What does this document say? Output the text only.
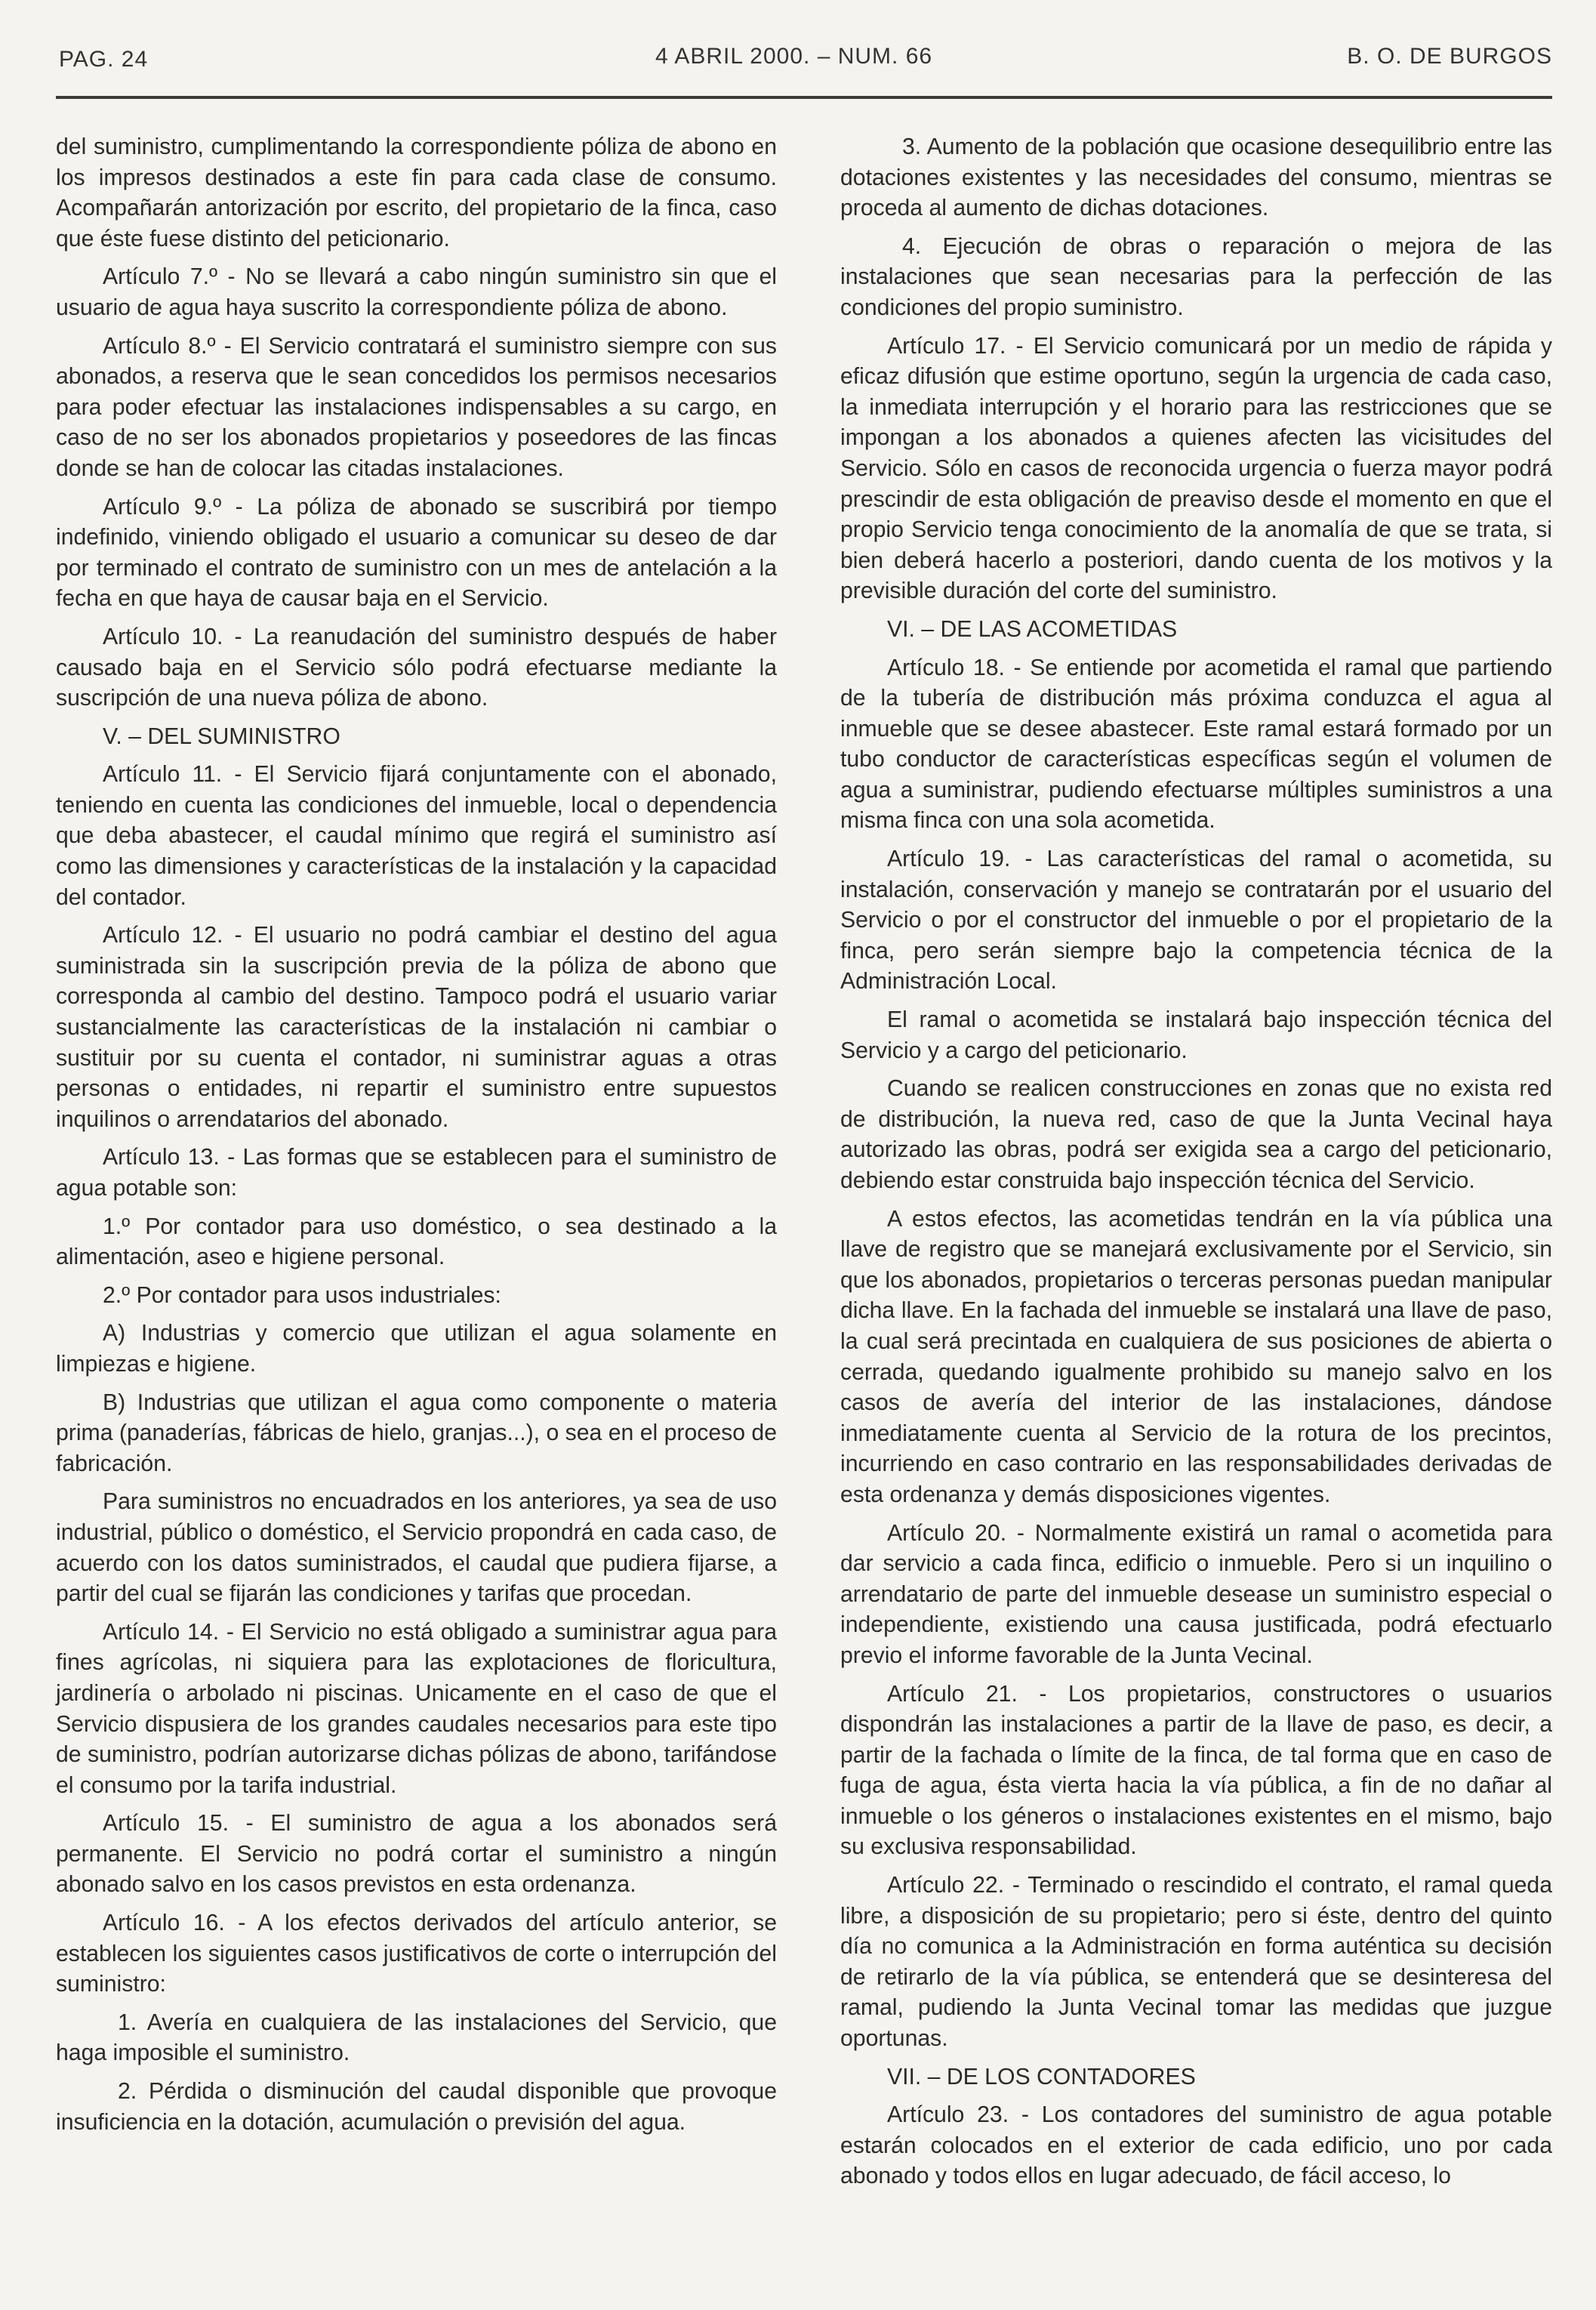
PAG. 24	4 ABRIL 2000. – NUM. 66	B. O. DE BURGOS

del suministro, cumplimentando la correspondiente póliza de abono en los impresos destinados a este fin para cada clase de consumo. Acompañarán antorización por escrito, del propietario de la finca, caso que éste fuese distinto del peticionario.

Artículo 7.º - No se llevará a cabo ningún suministro sin que el usuario de agua haya suscrito la correspondiente póliza de abono.

Artículo 8.º - El Servicio contratará el suministro siempre con sus abonados, a reserva que le sean concedidos los permisos necesarios para poder efectuar las instalaciones indispensables a su cargo, en caso de no ser los abonados propietarios y poseedores de las fincas donde se han de colocar las citadas instalaciones.

Artículo 9.º - La póliza de abonado se suscribirá por tiempo indefinido, viniendo obligado el usuario a comunicar su deseo de dar por terminado el contrato de suministro con un mes de antelación a la fecha en que haya de causar baja en el Servicio.

Artículo 10. - La reanudación del suministro después de haber causado baja en el Servicio sólo podrá efectuarse mediante la suscripción de una nueva póliza de abono.

V. – DEL SUMINISTRO

Artículo 11. - El Servicio fijará conjuntamente con el abonado, teniendo en cuenta las condiciones del inmueble, local o dependencia que deba abastecer, el caudal mínimo que regirá el suministro así como las dimensiones y características de la instalación y la capacidad del contador.

Artículo 12. - El usuario no podrá cambiar el destino del agua suministrada sin la suscripción previa de la póliza de abono que corresponda al cambio del destino. Tampoco podrá el usuario variar sustancialmente las características de la instalación ni cambiar o sustituir por su cuenta el contador, ni suministrar aguas a otras personas o entidades, ni repartir el suministro entre supuestos inquilinos o arrendatarios del abonado.

Artículo 13. - Las formas que se establecen para el suministro de agua potable son:

1.º Por contador para uso doméstico, o sea destinado a la alimentación, aseo e higiene personal.

2.º Por contador para usos industriales:

A) Industrias y comercio que utilizan el agua solamente en limpiezas e higiene.

B) Industrias que utilizan el agua como componente o materia prima (panaderías, fábricas de hielo, granjas...), o sea en el proceso de fabricación.

Para suministros no encuadrados en los anteriores, ya sea de uso industrial, público o doméstico, el Servicio propondrá en cada caso, de acuerdo con los datos suministrados, el caudal que pudiera fijarse, a partir del cual se fijarán las condiciones y tarifas que procedan.

Artículo 14. - El Servicio no está obligado a suministrar agua para fines agrícolas, ni siquiera para las explotaciones de floricultura, jardinería o arbolado ni piscinas. Unicamente en el caso de que el Servicio dispusiera de los grandes caudales necesarios para este tipo de suministro, podrían autorizarse dichas pólizas de abono, tarifándose el consumo por la tarifa industrial.

Artículo 15. - El suministro de agua a los abonados será permanente. El Servicio no podrá cortar el suministro a ningún abonado salvo en los casos previstos en esta ordenanza.

Artículo 16. - A los efectos derivados del artículo anterior, se establecen los siguientes casos justificativos de corte o interrupción del suministro:

1. Avería en cualquiera de las instalaciones del Servicio, que haga imposible el suministro.

2. Pérdida o disminución del caudal disponible que provoque insuficiencia en la dotación, acumulación o previsión del agua.

3. Aumento de la población que ocasione desequilibrio entre las dotaciones existentes y las necesidades del consumo, mientras se proceda al aumento de dichas dotaciones.

4. Ejecución de obras o reparación o mejora de las instalaciones que sean necesarias para la perfección de las condiciones del propio suministro.

Artículo 17. - El Servicio comunicará por un medio de rápida y eficaz difusión que estime oportuno, según la urgencia de cada caso, la inmediata interrupción y el horario para las restricciones que se impongan a los abonados a quienes afecten las vicisitudes del Servicio. Sólo en casos de reconocida urgencia o fuerza mayor podrá prescindir de esta obligación de preaviso desde el momento en que el propio Servicio tenga conocimiento de la anomalía de que se trata, si bien deberá hacerlo a posteriori, dando cuenta de los motivos y la previsible duración del corte del suministro.

VI. – DE LAS ACOMETIDAS

Artículo 18. - Se entiende por acometida el ramal que partiendo de la tubería de distribución más próxima conduzca el agua al inmueble que se desee abastecer. Este ramal estará formado por un tubo conductor de características específicas según el volumen de agua a suministrar, pudiendo efectuarse múltiples suministros a una misma finca con una sola acometida.

Artículo 19. - Las características del ramal o acometida, su instalación, conservación y manejo se contratarán por el usuario del Servicio o por el constructor del inmueble o por el propietario de la finca, pero serán siempre bajo la competencia técnica de la Administración Local.

El ramal o acometida se instalará bajo inspección técnica del Servicio y a cargo del peticionario.

Cuando se realicen construcciones en zonas que no exista red de distribución, la nueva red, caso de que la Junta Vecinal haya autorizado las obras, podrá ser exigida sea a cargo del peticionario, debiendo estar construida bajo inspección técnica del Servicio.

A estos efectos, las acometidas tendrán en la vía pública una llave de registro que se manejará exclusivamente por el Servicio, sin que los abonados, propietarios o terceras personas puedan manipular dicha llave. En la fachada del inmueble se instalará una llave de paso, la cual será precintada en cualquiera de sus posiciones de abierta o cerrada, quedando igualmente prohibido su manejo salvo en los casos de avería del interior de las instalaciones, dándose inmediatamente cuenta al Servicio de la rotura de los precintos, incurriendo en caso contrario en las responsabilidades derivadas de esta ordenanza y demás disposiciones vigentes.

Artículo 20. - Normalmente existirá un ramal o acometida para dar servicio a cada finca, edificio o inmueble. Pero si un inquilino o arrendatario de parte del inmueble desease un suministro especial o independiente, existiendo una causa justificada, podrá efectuarlo previo el informe favorable de la Junta Vecinal.

Artículo 21. - Los propietarios, constructores o usuarios dispondrán las instalaciones a partir de la llave de paso, es decir, a partir de la fachada o límite de la finca, de tal forma que en caso de fuga de agua, ésta vierta hacia la vía pública, a fin de no dañar al inmueble o los géneros o instalaciones existentes en el mismo, bajo su exclusiva responsabilidad.

Artículo 22. - Terminado o rescindido el contrato, el ramal queda libre, a disposición de su propietario; pero si éste, dentro del quinto día no comunica a la Administración en forma auténtica su decisión de retirarlo de la vía pública, se entenderá que se desinteresa del ramal, pudiendo la Junta Vecinal tomar las medidas que juzgue oportunas.

VII. – DE LOS CONTADORES

Artículo 23. - Los contadores del suministro de agua potable estarán colocados en el exterior de cada edificio, uno por cada abonado y todos ellos en lugar adecuado, de fácil acceso, lo
